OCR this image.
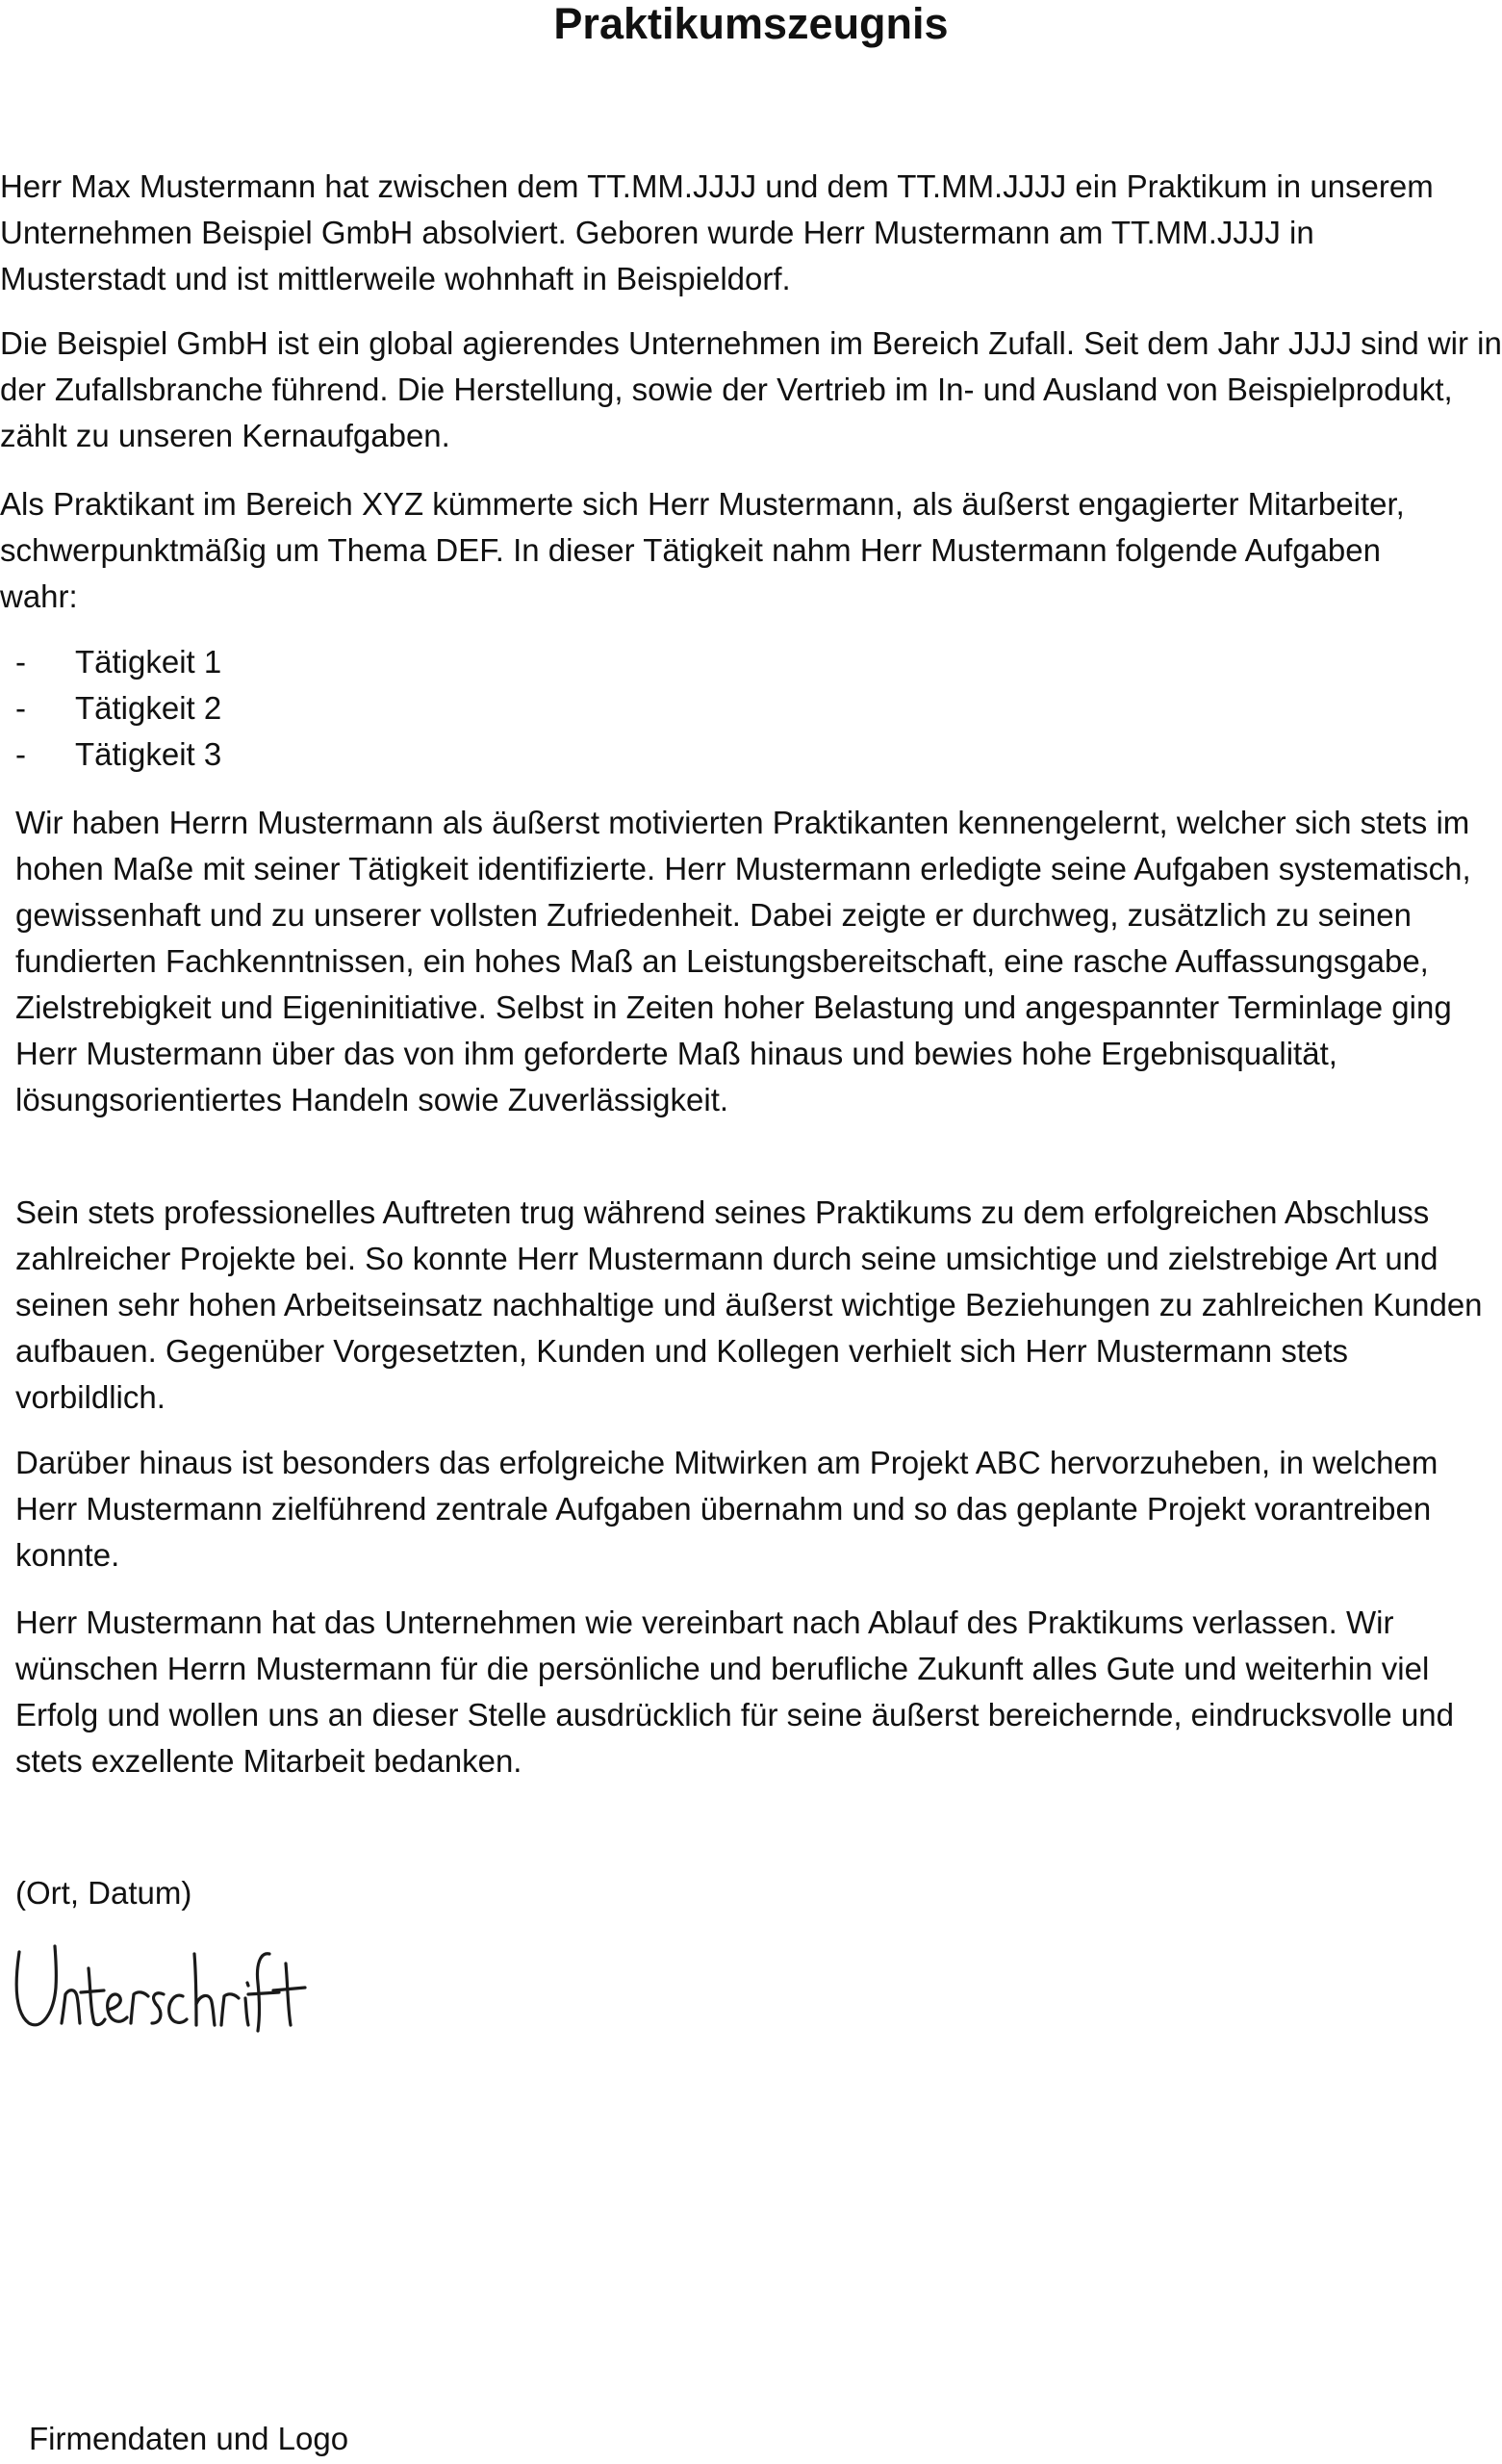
Praktikumszeugnis

Herr Max Mustermann hat zwischen dem TT.MM.JJJJ und dem TT.MM.JJJJ ein Praktikum in unserem Unternehmen Beispiel GmbH absolviert. Geboren wurde Herr Mustermann am TT.MM.JJJJ in Musterstadt und ist mittlerweile wohnhaft in Beispieldorf.

Die Beispiel GmbH ist ein global agierendes Unternehmen im Bereich Zufall. Seit dem Jahr JJJJ sind wir in der Zufallsbranche führend. Die Herstellung, sowie der Vertrieb im In- und Ausland von Beispielprodukt, zählt zu unseren Kernaufgaben.

Als Praktikant im Bereich XYZ kümmerte sich Herr Mustermann, als äußerst engagierter Mitarbeiter, schwerpunktmäßig um Thema DEF. In dieser Tätigkeit nahm Herr Mustermann folgende Aufgaben wahr:

-	Tätigkeit 1
-	Tätigkeit 2
-	Tätigkeit 3

Wir haben Herrn Mustermann als äußerst motivierten Praktikanten kennengelernt, welcher sich stets im hohen Maße mit seiner Tätigkeit identifizierte. Herr Mustermann erledigte seine Aufgaben systematisch, gewissenhaft und zu unserer vollsten Zufriedenheit. Dabei zeigte er durchweg, zusätzlich zu seinen fundierten Fachkenntnissen, ein hohes Maß an Leistungsbereitschaft, eine rasche Auffassungsgabe, Zielstrebigkeit und Eigeninitiative. Selbst in Zeiten hoher Belastung und angespannter Terminlage ging Herr Mustermann über das von ihm geforderte Maß hinaus und bewies hohe Ergebnisqualität, lösungsorientiertes Handeln sowie Zuverlässigkeit.

Sein stets professionelles Auftreten trug während seines Praktikums zu dem erfolgreichen Abschluss zahlreicher Projekte bei. So konnte Herr Mustermann durch seine umsichtige und zielstrebige Art und seinen sehr hohen Arbeitseinsatz nachhaltige und äußerst wichtige Beziehungen zu zahlreichen Kunden aufbauen. Gegenüber Vorgesetzten, Kunden und Kollegen verhielt sich Herr Mustermann stets vorbildlich.

Darüber hinaus ist besonders das erfolgreiche Mitwirken am Projekt ABC hervorzuheben, in welchem Herr Mustermann zielführend zentrale Aufgaben übernahm und so das geplante Projekt vorantreiben konnte.

Herr Mustermann hat das Unternehmen wie vereinbart nach Ablauf des Praktikums verlassen. Wir wünschen Herrn Mustermann für die persönliche und berufliche Zukunft alles Gute und weiterhin viel Erfolg und wollen uns an dieser Stelle ausdrücklich für seine äußerst bereichernde, eindrucksvolle und stets exzellente Mitarbeit bedanken.

(Ort, Datum)

Firmendaten und Logo
